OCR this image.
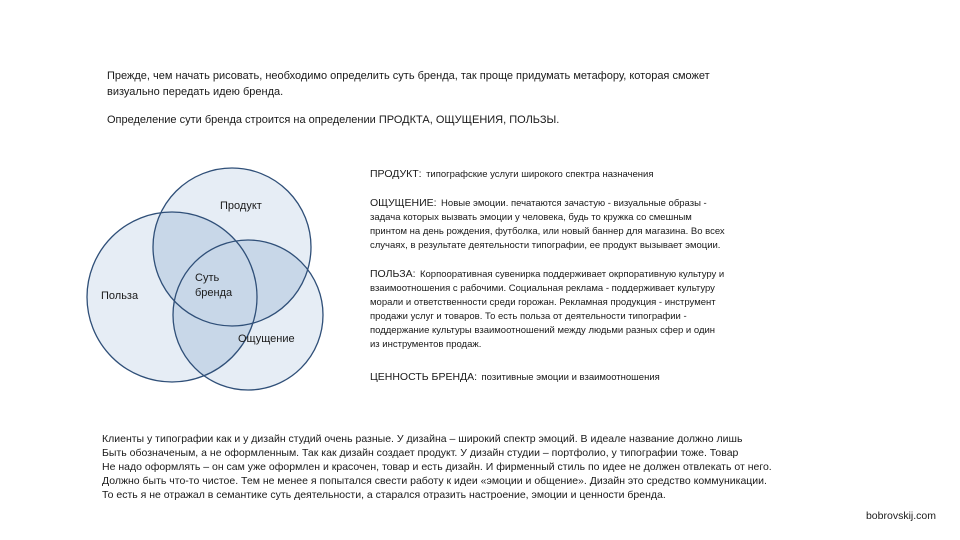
Прежде, чем начать рисовать, необходимо определить суть бренда, так проще придумать метафору, которая сможет
визуально передать идею бренда.
Определение сути бренда строится на определении ПРОДКТА, ОЩУЩЕНИЯ, ПОЛЬЗЫ.
Продукт
Польза
Ощущение
Суть
бренда
ПРОДУКТ: типографские услуги широкого спектра назначения
ОЩУЩЕНИЕ: Новые эмоции. печатаются зачастую - визуальные образы -
задача которых вызвать эмоции у человека, будь то кружка со смешным
принтом на день рождения, футболка, или новый баннер для магазина. Во всех
случаях, в результате деятельности типографии, ее продукт вызывает эмоции.
ПОЛЬЗА: Корпооративная сувенирка поддерживает окрпоративную культуру и
взаимоотношения с рабочими. Социальная реклама - поддерживает культуру
морали и ответственности среди горожан. Рекламная продукция - инструмент
продажи услуг и товаров. То есть польза от деятельности типографии -
поддержание культуры взаимоотношений между людьми разных сфер и один
из инструментов продаж.
ЦЕННОСТЬ БРЕНДА: позитивные эмоции и взаимоотношения
Клиенты у типографии как и у дизайн студий очень разные. У дизайна – широкий спектр эмоций. В идеале название должно лишь
Быть обозначеным, а не оформленным. Так как дизайн создает продукт. У дизайн студии – портфолио, у типографии тоже. Товар
Не надо оформлять – он сам уже оформлен и красочен, товар и есть дизайн. И фирменный стиль по идее не должен отвлекать от него.
Должно быть что-то чистое. Тем не менее я попытался свести работу к идеи «эмоции и общение». Дизайн это средство коммуникации.
То есть я не отражал в семантике суть деятельности, а старался отразить настроение, эмоции и ценности бренда.
bobrovskij.com
